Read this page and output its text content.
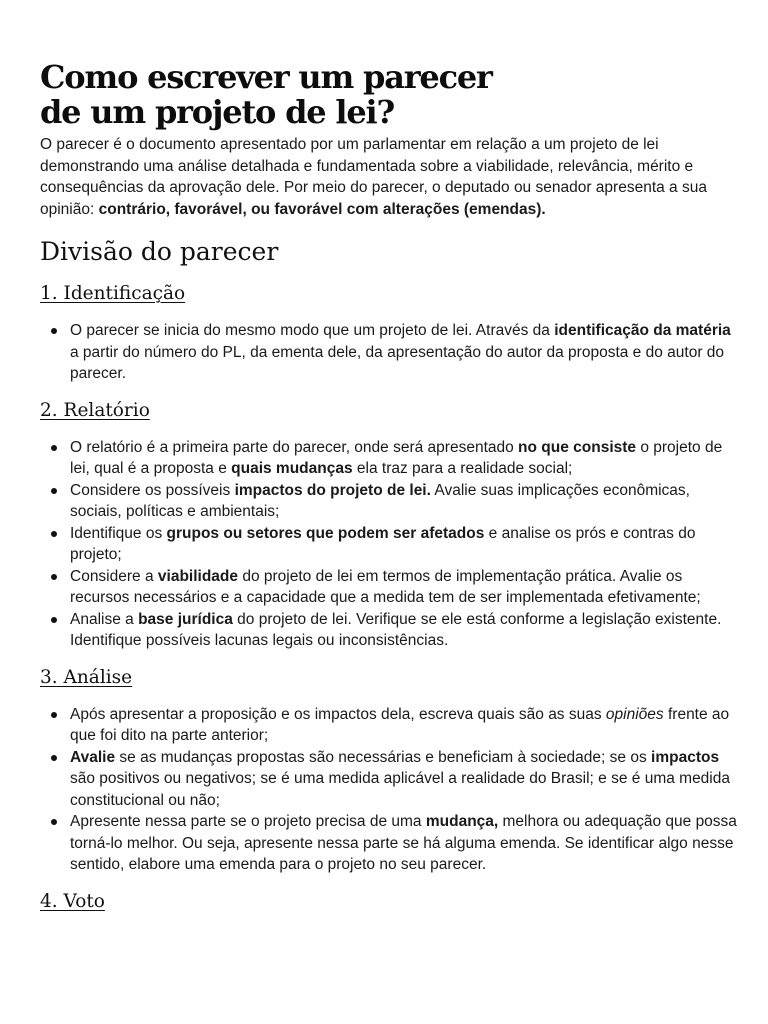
Como escrever um parecer
de um projeto de lei?

O parecer é o documento apresentado por um parlamentar em relação a um projeto de lei demonstrando uma análise detalhada e fundamentada sobre a viabilidade, relevância, mérito e consequências da aprovação dele. Por meio do parecer, o deputado ou senador apresenta a sua opinião: contrário, favorável, ou favorável com alterações (emendas).

Divisão do parecer
1. Identificação
O parecer se inicia do mesmo modo que um projeto de lei. Através da identificação da matéria a partir do número do PL, da ementa dele, da apresentação do autor da proposta e do autor do parecer.
2. Relatório
O relatório é a primeira parte do parecer, onde será apresentado no que consiste o projeto de lei, qual é a proposta e quais mudanças ela traz para a realidade social;
Considere os possíveis impactos do projeto de lei. Avalie suas implicações econômicas, sociais, políticas e ambientais;
Identifique os grupos ou setores que podem ser afetados e analise os prós e contras do projeto;
Considere a viabilidade do projeto de lei em termos de implementação prática. Avalie os recursos necessários e a capacidade que a medida tem de ser implementada efetivamente;
Analise a base jurídica do projeto de lei. Verifique se ele está conforme a legislação existente. Identifique possíveis lacunas legais ou inconsistências.
3. Análise
Após apresentar a proposição e os impactos dela, escreva quais são as suas opiniões frente ao que foi dito na parte anterior;
Avalie se as mudanças propostas são necessárias e beneficiam à sociedade; se os impactos são positivos ou negativos; se é uma medida aplicável a realidade do Brasil; e se é uma medida constitucional ou não;
Apresente nessa parte se o projeto precisa de uma mudança, melhora ou adequação que possa torná-lo melhor. Ou seja, apresente nessa parte se há alguma emenda. Se identificar algo nesse sentido, elabore uma emenda para o projeto no seu parecer.
4. Voto
